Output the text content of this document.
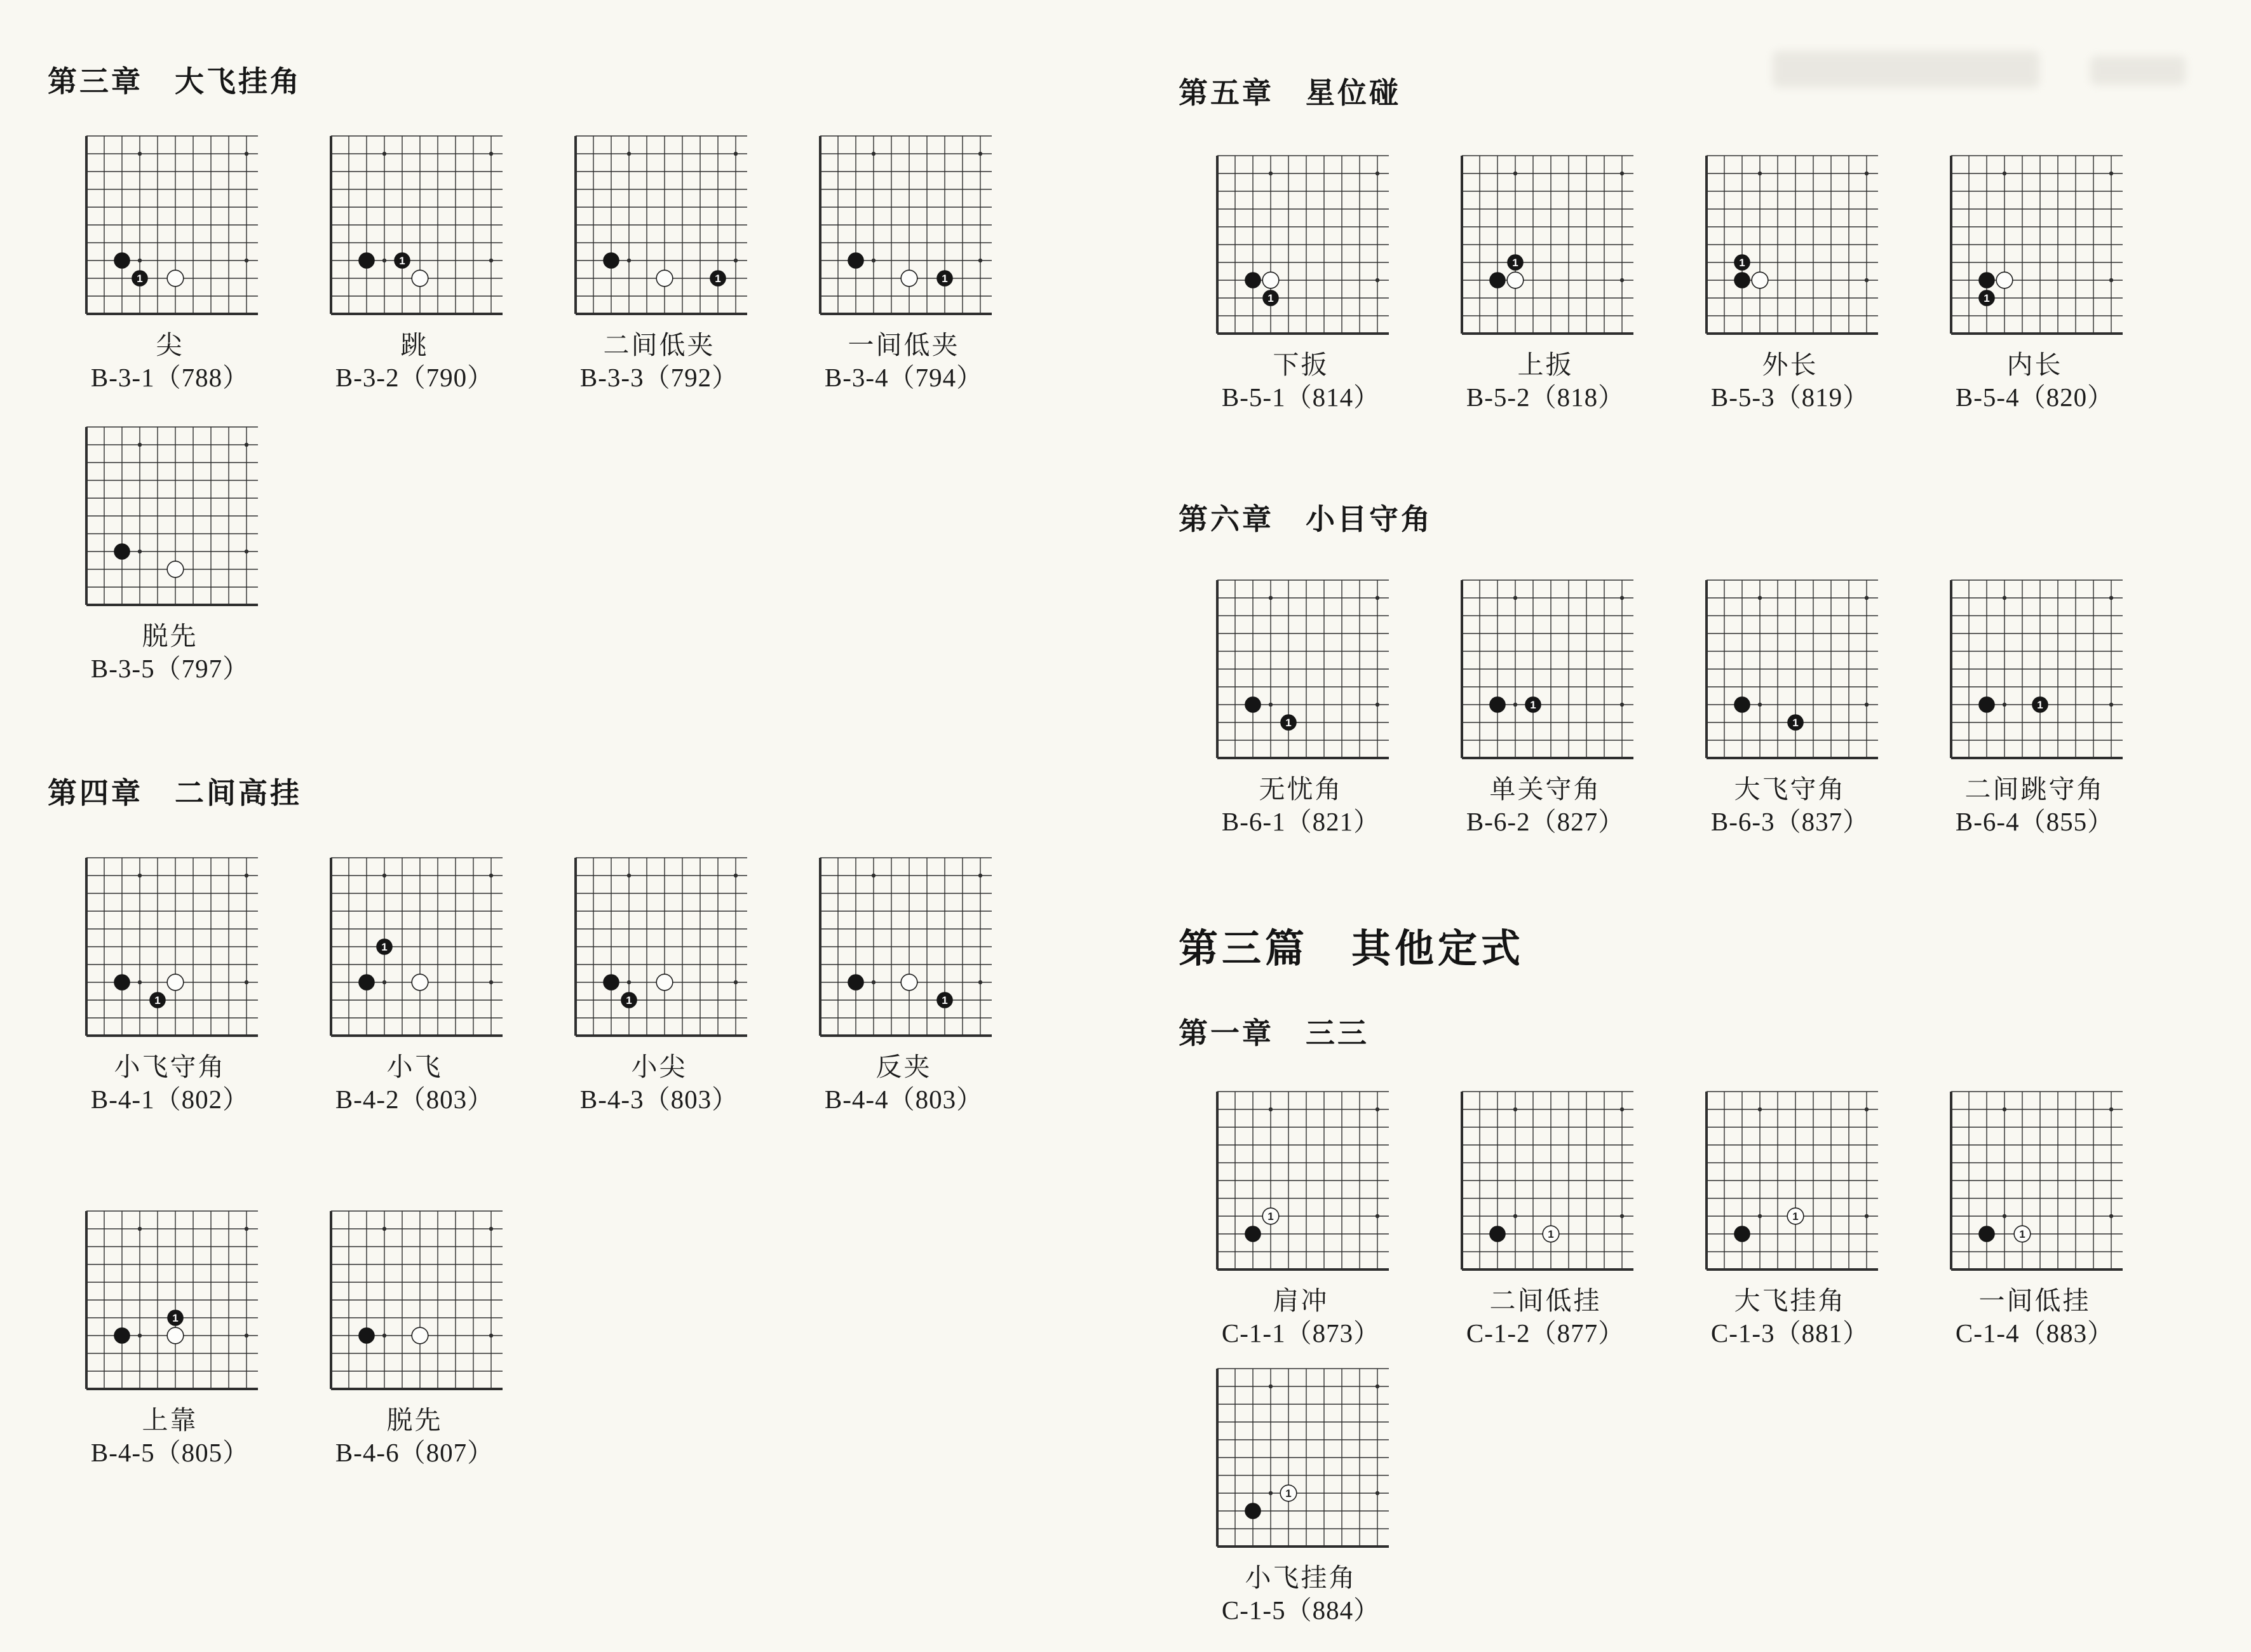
第三章　大飞挂角
1
尖
B-3-1（788）
1
跳
B-3-2（790）
1
二间低夹
B-3-3（792）
1
一间低夹
B-3-4（794）
脱先
B-3-5（797）
第四章　二间高挂
1
小飞守角
B-4-1（802）
1
小飞
B-4-2（803）
1
小尖
B-4-3（803）
1
反夹
B-4-4（803）
1
上靠
B-4-5（805）
脱先
B-4-6（807）
第五章　星位碰
1
下扳
B-5-1（814）
1
上扳
B-5-2（818）
1
外长
B-5-3（819）
1
内长
B-5-4（820）
第六章　小目守角
1
无忧角
B-6-1（821）
1
单关守角
B-6-2（827）
1
大飞守角
B-6-3（837）
1
二间跳守角
B-6-4（855）
第三篇　其他定式
第一章　三三
1
肩冲
C-1-1（873）
1
二间低挂
C-1-2（877）
1
大飞挂角
C-1-3（881）
1
一间低挂
C-1-4（883）
1
小飞挂角
C-1-5（884）
